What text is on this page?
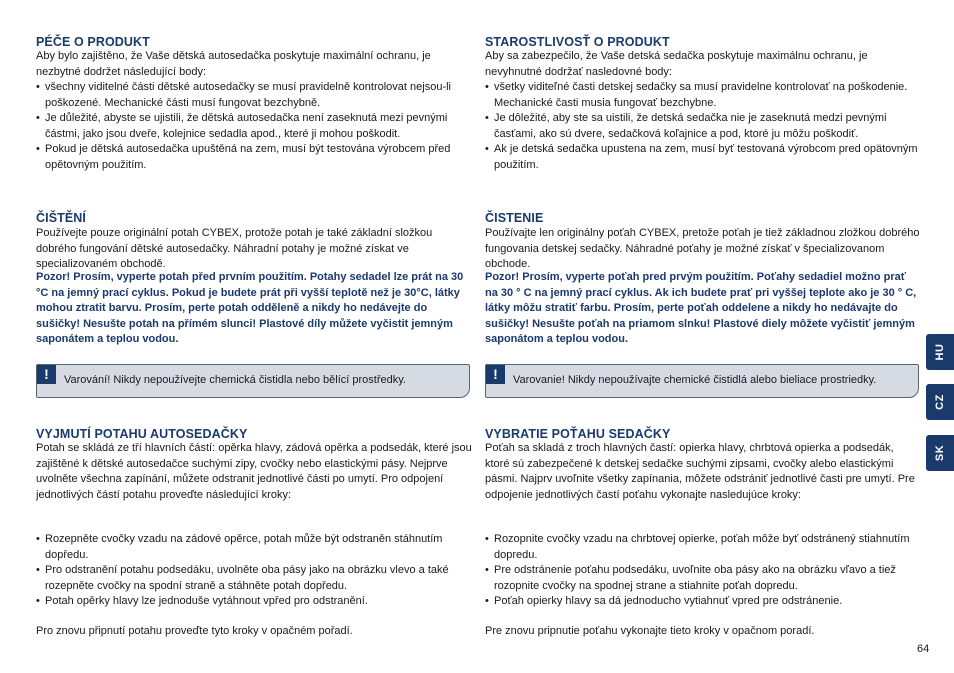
PÉČE O PRODUKT

Aby bylo zajištěno, že Vaše dětská autosedačka poskytuje maximální ochranu, je nezbytné dodržet následující body:

• všechny viditelné části dětské autosedačky se musí pravidelně kontrolovat nejsou-li poškozené. Mechanické části musí fungovat bezchybně.
• Je důležité, abyste se ujistili, že dětská autosedačka není zaseknutá mezi pevnými částmi, jako jsou dveře, kolejnice sedadla apod., které ji mohou poškodit.
• Pokud je dětská autosedačka upuštěná na zem, musí být testována výrobcem před opětovným použitím.
ČIŠTĚNÍ

Používejte pouze originální potah CYBEX, protože potah je také základní složkou dobrého fungování dětské autosedačky. Náhradní potahy je možné získat ve specializovaném obchodě.

Pozor! Prosím, vyperte potah před prvním použitím. Potahy sedadel lze prát na 30 °C na jemný prací cyklus. Pokud je budete prát při vyšší teplotě než je 30°C, látky mohou ztratit barvu. Prosím, perte potah odděleně a nikdy ho nedávejte do sušičky! Nesušte potah na přímém slunci! Plastové díly můžete vyčistit jemným saponátem a teplou vodou.

!	Varování! Nikdy nepoužívejte chemická čistidla nebo bělící prostředky.
VYJMUTÍ POTAHU AUTOSEDAČKY

Potah se skládá ze tří hlavních částí: opěrka hlavy, zádová opěrka a podsedák, které jsou zajištěné k dětské autosedačce suchými zipy, cvočky nebo elastickými pásy. Nejprve uvolněte všechna zapínání, můžete odstranit jednotlivé části po umytí. Pro odpojení jednotlivých částí potahu proveďte následující kroky:

• Rozepněte cvočky vzadu na zádové opěrce, potah může být odstraněn stáhnutím dopředu.
• Pro odstranění potahu podsedáku, uvolněte oba pásy jako na obrázku vlevo a také rozepněte cvočky na spodní straně a stáhněte potah dopředu.
• Potah opěrky hlavy lze jednoduše vytáhnout vpřed pro odstranění.

Pro znovu připnutí potahu proveďte tyto kroky v opačném pořadí.

STAROSTLIVOSŤ O PRODUKT

Aby sa zabezpečilo, že Vaše detská sedačka poskytuje maximálnu ochranu, je nevyhnutné dodržať nasledovné body:

• všetky viditeľné časti detskej sedačky sa musí pravidelne kontrolovať na poškodenie. Mechanické časti musia fungovať bezchybne.
• Je dôležité, aby ste sa uistili, že detská sedačka nie je zaseknutá medzi pevnými časťami, ako sú dvere, sedačková koľajnice a pod, ktoré ju môžu poškodiť.
• Ak je detská sedačka upustena na zem, musí byť testovaná výrobcom pred opätovným použitím.
ČISTENIE

Používajte len originálny poťah CYBEX, pretože poťah je tiež základnou zložkou dobrého fungovania detskej sedačky. Náhradné poťahy je možné získať v špecializovanom obchode.

Pozor! Prosím, vyperte poťah pred prvým použitím. Poťahy sedadiel možno prať na 30 ° C na jemný prací cyklus. Ak ich budete prať pri vyššej teplote ako je 30 ° C, látky môžu stratiť farbu. Prosím, perte poťah oddelene a nikdy ho nedávajte do sušičky! Nesušte poťah na priamom slnku! Plastové diely môžete vyčistiť jemným saponátom a teplou vodou.

!	Varovanie! Nikdy nepoužívajte chemické čistidlá alebo bieliace prostriedky.
VYBRATIE POŤAHU SEDAČKY

Poťah sa skladá z troch hlavných častí: opierka hlavy, chrbtová opierka a podsedák, ktoré sú zabezpečené k detskej sedačke suchými zipsami, cvočky alebo elastickými pásmi. Najprv uvoľnite všetky zapínania, môžete odstrániť jednotlivé časti pre umytí. Pre odpojenie jednotlivých častí poťahu vykonajte nasledujúce kroky:

• Rozopnite cvočky vzadu na chrbtovej opierke, poťah môže byť odstránený stiahnutím dopredu.
• Pre odstránenie poťahu podsedáku, uvoľnite oba pásy ako na obrázku vľavo a tiež rozopnite cvočky na spodnej strane a stiahnite poťah dopredu.
• Poťah opierky hlavy sa dá jednoducho vytiahnuť vpred pre odstránenie.

Pre znovu pripnutie poťahu vykonajte tieto kroky v opačnom poradí.

HU
CZ
SK
64
